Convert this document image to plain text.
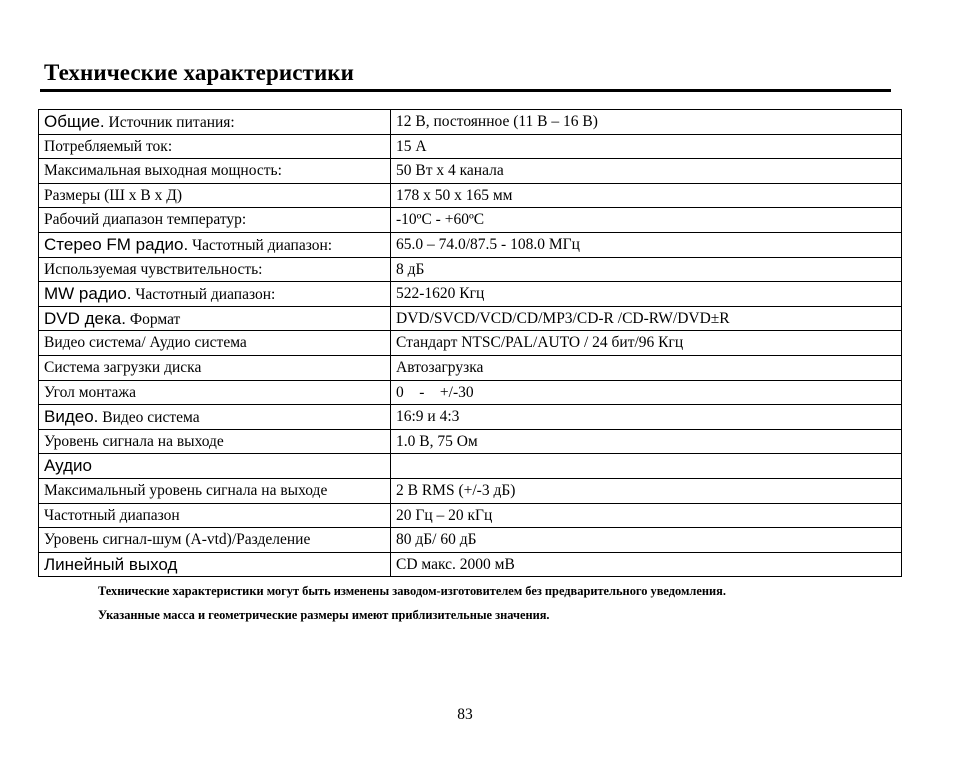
Технические характеристики
Общие. Источник питания:	12 В, постоянное (11 В – 16 В)
Потребляемый ток:	15 А
Максимальная выходная мощность:	50 Вт х 4 канала
Размеры (Ш х В х Д)	178 х 50 х 165 мм
Рабочий диапазон температур:	-10ºC - +60ºC
Стерео FM радио. Частотный диапазон:	65.0 – 74.0/87.5 - 108.0 МГц
Используемая чувствительность:	8 дБ
MW радио. Частотный диапазон:	522-1620 Кгц
DVD дека. Формат	DVD/SVCD/VCD/CD/MP3/CD-R /CD-RW/DVD±R
Видео система/ Аудио система	Стандарт NTSC/PAL/AUTO / 24 бит/96 Кгц
Система загрузки диска	Автозагрузка
Угол монтажа	0    -    +/-30
Видео. Видео система	16:9 и 4:3
Уровень сигнала на выходе	1.0 В, 75 Ом
Аудио	
Максимальный уровень сигнала на выходе	2 В RMS (+/-3 дБ)
Частотный диапазон	20 Гц – 20 кГц
Уровень сигнал-шум (A-vtd)/Разделение	80 дБ/ 60 дБ
Линейный выход	CD макс. 2000 мВ

Технические характеристики могут быть изменены заводом-изготовителем без предварительного уведомления.

Указанные масса и геометрические размеры имеют приблизительные значения.

83
